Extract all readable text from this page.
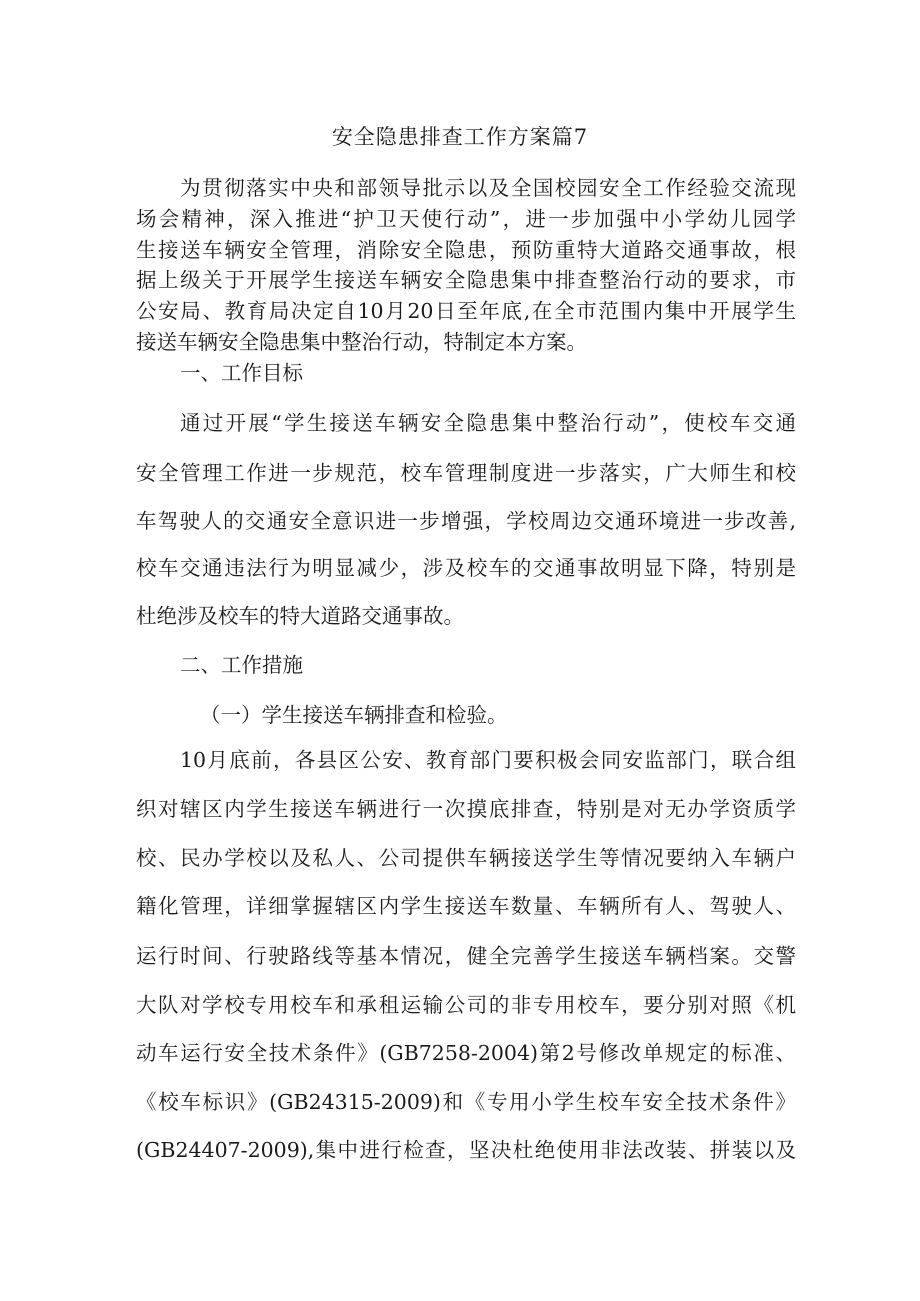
安全隐患排查工作方案篇7
为贯彻落实中央和部领导批示以及全国校园安全工作经验交流现
场会精神，深入推进“护卫天使行动”，进一步加强中小学幼儿园学
生接送车辆安全管理，消除安全隐患，预防重特大道路交通事故，根
据上级关于开展学生接送车辆安全隐患集中排查整治行动的要求，市
公安局、教育局决定自10月20日至年底,在全市范围内集中开展学生
接送车辆安全隐患集中整治行动，特制定本方案。
一、工作目标
通过开展“学生接送车辆安全隐患集中整治行动”，使校车交通
安全管理工作进一步规范，校车管理制度进一步落实，广大师生和校
车驾驶人的交通安全意识进一步增强，学校周边交通环境进一步改善,
校车交通违法行为明显减少，涉及校车的交通事故明显下降，特别是
杜绝涉及校车的特大道路交通事故。
二、工作措施
（一）学生接送车辆排查和检验。
10月底前，各县区公安、教育部门要积极会同安监部门，联合组
织对辖区内学生接送车辆进行一次摸底排查，特别是对无办学资质学
校、民办学校以及私人、公司提供车辆接送学生等情况要纳入车辆户
籍化管理，详细掌握辖区内学生接送车数量、车辆所有人、驾驶人、
运行时间、行驶路线等基本情况，健全完善学生接送车辆档案。交警
大队对学校专用校车和承租运输公司的非专用校车，要分别对照《机
动车运行安全技术条件》(GB7258-2004)第2号修改单规定的标准、
《校车标识》(GB24315-2009)和《专用小学生校车安全技术条件》
(GB24407-2009),集中进行检查，坚决杜绝使用非法改装、拼装以及
